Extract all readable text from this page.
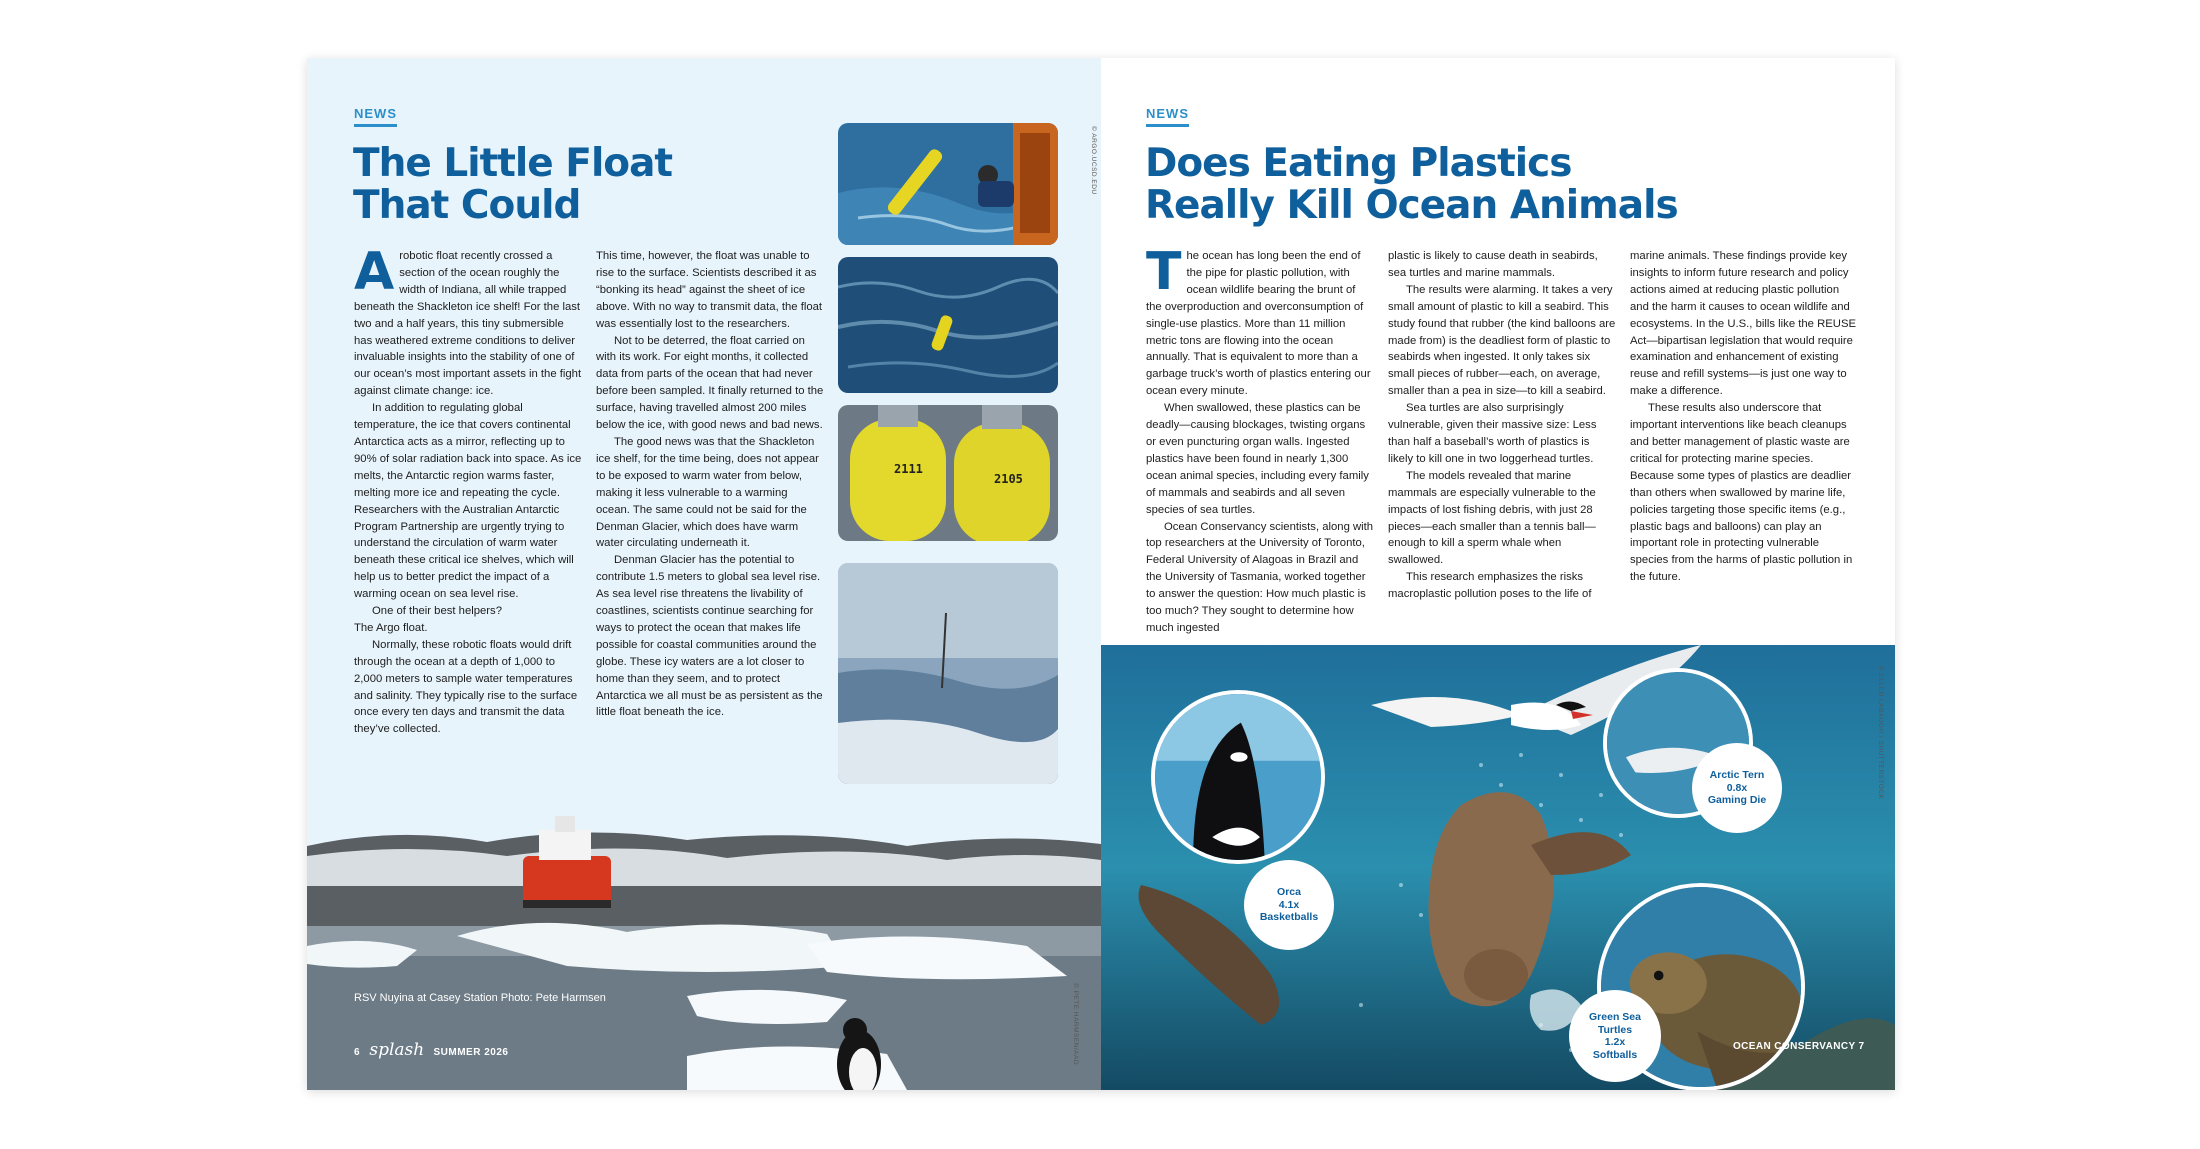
NEWS
The Little Float
That Could

Arobotic float recently crossed a section of the ocean roughly the width of Indiana, all while trapped beneath the Shackleton ice shelf! For the last two and a half years, this tiny submersible has weathered extreme conditions to deliver invaluable insights into the stability of one of our ocean’s most important assets in the fight against climate change: ice.

In addition to regulating global temperature, the ice that covers continental Antarctica acts as a mirror, reflecting up to 90% of solar radiation back into space. As ice melts, the Antarctic region warms faster, melting more ice and repeating the cycle. Researchers with the Australian Antarctic Program Partnership are urgently trying to understand the circulation of warm water beneath these critical ice shelves, which will help us to better predict the impact of a warming ocean on sea level rise.

One of their best helpers?

The Argo float.

Normally, these robotic floats would drift through the ocean at a depth of 1,000 to 2,000 meters to sample water temperatures and salinity. They typically rise to the surface once every ten days and transmit the data they’ve collected.

This time, however, the float was unable to rise to the surface. Scientists described it as “bonking its head” against the sheet of ice above. With no way to transmit data, the float was essentially lost to the researchers.

Not to be deterred, the float carried on with its work. For eight months, it collected data from parts of the ocean that had never before been sampled. It finally returned to the surface, having travelled almost 200 miles below the ice, with good news and bad news.

The good news was that the Shackleton ice shelf, for the time being, does not appear to be exposed to warm water from below, making it less vulnerable to a warming ocean. The same could not be said for the Denman Glacier, which does have warm water circulating underneath it.

Denman Glacier has the potential to contribute 1.5 meters to global sea level rise. As sea level rise threatens the livability of coastlines, scientists continue searching for ways to protect the ocean that makes life possible for coastal communities around the globe. These icy waters are a lot closer to home than they seem, and to protect Antarctica we all must be as persistent as the little float beneath the ice.

2111
2105
© ARGO.UCSD.EDU
© PETE HARMSEN/AAD
RSV Nuyina at Casey Station Photo: Pete Harmsen
6 splash SUMMER 2026
NEWS
Does Eating Plastics
Really Kill Ocean Animals

The ocean has long been the end of the pipe for plastic pollution, with ocean wildlife bearing the brunt of the overproduction and overconsumption of single-use plastics. More than 11 million metric tons are flowing into the ocean annually. That is equivalent to more than a garbage truck’s worth of plastics entering our ocean every minute.

When swallowed, these plastics can be deadly—causing blockages, twisting organs or even puncturing organ walls. Ingested plastics have been found in nearly 1,300 ocean animal species, including every family of mammals and seabirds and all seven species of sea turtles.

Ocean Conservancy scientists, along with top researchers at the University of Toronto, Federal University of Alagoas in Brazil and the University of Tasmania, worked together to answer the question: How much plastic is too much? They sought to determine how much ingested

plastic is likely to cause death in seabirds, sea turtles and marine mammals.

The results were alarming. It takes a very small amount of plastic to kill a seabird. This study found that rubber (the kind balloons are made from) is the deadliest form of plastic to seabirds when ingested. It only takes six small pieces of rubber—each, on average, smaller than a pea in size—to kill a seabird.

Sea turtles are also surprisingly vulnerable, given their massive size: Less than half a baseball’s worth of plastics is likely to kill one in two loggerhead turtles.

The models revealed that marine mammals are especially vulnerable to the impacts of lost fishing debris, with just 28 pieces—each smaller than a tennis ball—enough to kill a sperm whale when swallowed.

This research emphasizes the risks macroplastic pollution poses to the life of

marine animals. These findings provide key insights to inform future research and policy actions aimed at reducing plastic pollution and the harm it causes to ocean wildlife and ecosystems. In the U.S., bills like the REUSE Act—bipartisan legislation that would require examination and enhancement of existing reuse and refill systems—is just one way to make a difference.

These results also underscore that important interventions like beach cleanups and better management of plastic waste are critical for protecting marine species. Because some types of plastics are deadlier than others when swallowed by marine life, policies targeting those specific items (e.g., plastic bags and balloons) can play an important role in protecting vulnerable species from the harms of plastic pollution in the future.

Orca
4.1x
Basketballs
Arctic Tern
0.8x
Gaming Die
Green Sea
Turtles
1.2x
Softballs
© ELLEN LABAUGH / SHUTTERSTOCK
OCEAN CONSERVANCY 7
